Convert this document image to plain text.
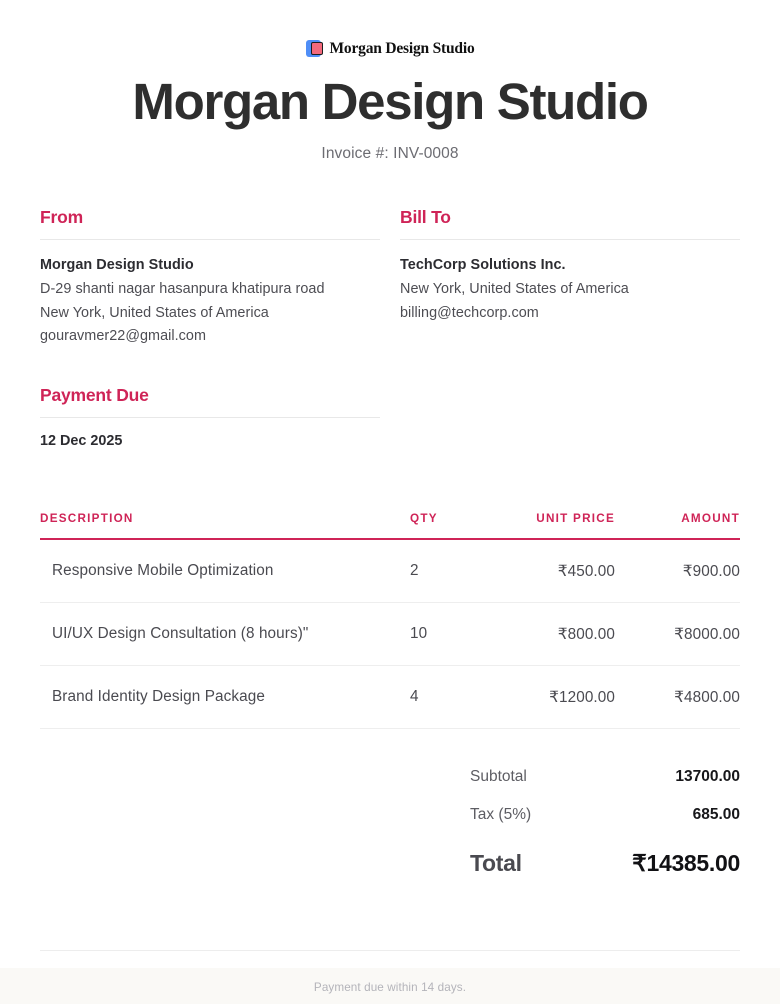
Morgan Design Studio
Morgan Design Studio
Invoice #: INV-0008
From
Morgan Design Studio
D-29 shanti nagar hasanpura khatipura road
New York, United States of America
gouravmer22@gmail.com
Payment Due
12 Dec 2025
Bill To
TechCorp Solutions Inc.
New York, United States of America
billing@techcorp.com
DESCRIPTION	QTY	UNIT PRICE	AMOUNT
Responsive Mobile Optimization	2	₹450.00	₹900.00
UI/UX Design Consultation (8 hours)"	10	₹800.00	₹8000.00
Brand Identity Design Package	4	₹1200.00	₹4800.00
Subtotal	13700.00
Tax (5%)	685.00
Total	₹14385.00
Payment due within 14 days.
